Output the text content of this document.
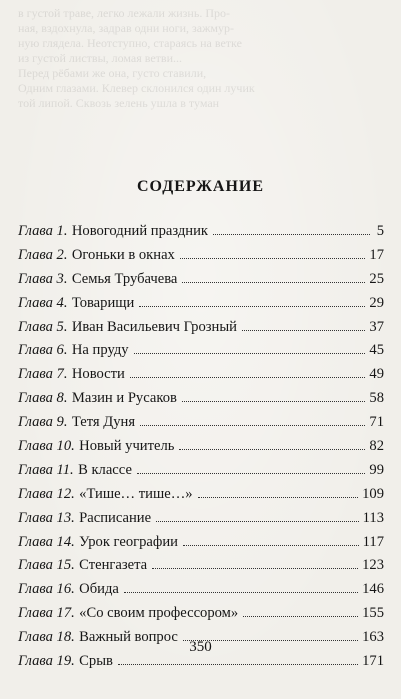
в густой траве, легко лежали жизнь. Про-
ная, вздохнула, задрав одни ноги, зажмур-
ную глядела. Неотступно, стараясь на ветке
из густой листвы, ломая ветви...
Перед рёбами же она, густо ставили,
Одним глазами. Клевер склонился один лучик
той липой. Сквозь зелень ушла в туман
СОДЕРЖАНИЕ
Глава 1. Новогодний праздник	5
Глава 2. Огоньки в окнах	17
Глава 3. Семья Трубачева	25
Глава 4. Товарищи	29
Глава 5. Иван Васильевич Грозный	37
Глава 6. На пруду	45
Глава 7. Новости	49
Глава 8. Мазин и Русаков	58
Глава 9. Тетя Дуня	71
Глава 10. Новый учитель	82
Глава 11. В классе	99
Глава 12. «Тише… тише…»	109
Глава 13. Расписание	113
Глава 14. Урок географии	117
Глава 15. Стенгазета	123
Глава 16. Обида	146
Глава 17. «Со своим профессором»	155
Глава 18. Важный вопрос	163
Глава 19. Срыв	171
350
